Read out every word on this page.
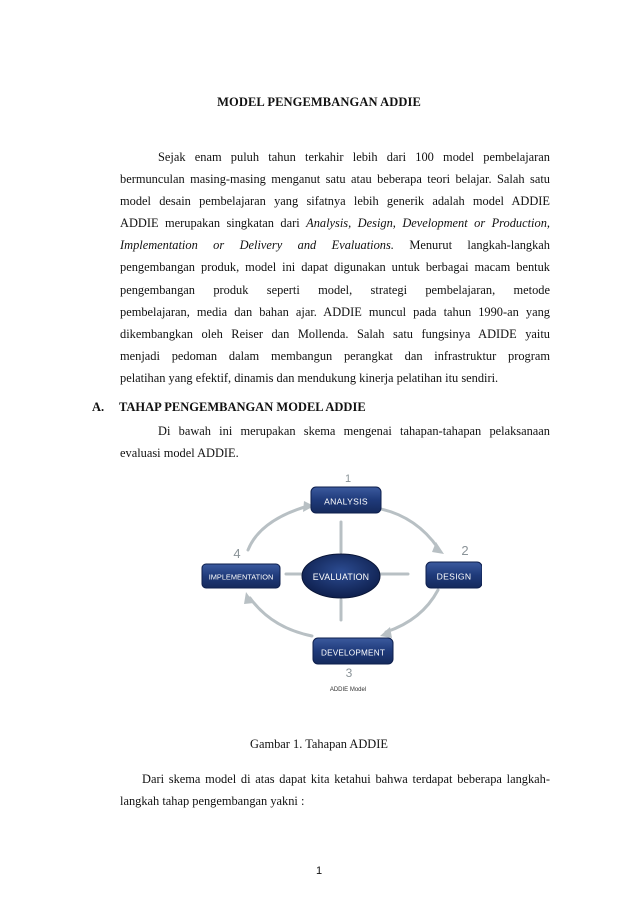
MODEL PENGEMBANGAN ADDIE
Sejak enam puluh tahun terkahir lebih dari 100 model pembelajaran
bermunculan masing-masing menganut satu atau beberapa teori belajar. Salah satu
model desain pembelajaran yang sifatnya lebih generik adalah model ADDIE
ADDIE merupakan singkatan dari Analysis, Design, Development or Production,
Implementation or Delivery and Evaluations. Menurut langkah-langkah
pengembangan produk, model ini dapat digunakan untuk berbagai macam bentuk
pengembangan produk seperti model, strategi pembelajaran, metode
pembelajaran, media dan bahan ajar. ADDIE muncul pada tahun 1990-an yang
dikembangkan oleh Reiser dan Mollenda. Salah satu fungsinya ADIDE yaitu
menjadi pedoman dalam membangun perangkat dan infrastruktur program
pelatihan yang efektif, dinamis dan mendukung kinerja pelatihan itu sendiri.
A. TAHAP PENGEMBANGAN MODEL ADDIE
Di bawah ini merupakan skema mengenai tahapan-tahapan pelaksanaan
evaluasi model ADDIE.
ANALYSIS
1
DESIGN
2
DEVELOPMENT
3
IMPLEMENTATION
4
EVALUATION
ADDIE Model
Gambar 1. Tahapan ADDIE
Dari skema model di atas dapat kita ketahui bahwa terdapat beberapa langkah-
langkah tahap pengembangan yakni :
1
